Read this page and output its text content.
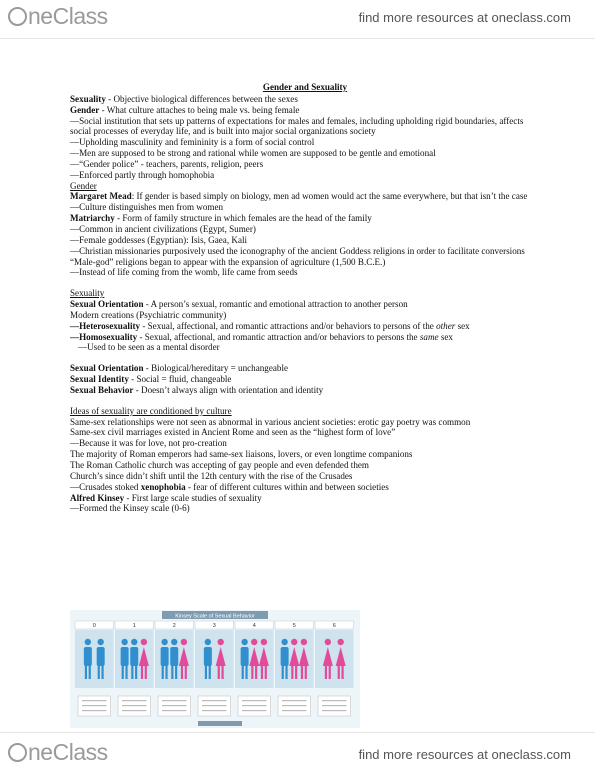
neClass	find more resources at oneclass.com

Gender and Sexuality

Sexuality - Objective biological differences between the sexes

Gender - What culture attaches to being male vs. being female

—Social institution that sets up patterns of expectations for males and females, including upholding rigid boundaries, affects social processes of everyday life, and is built into major social organizations society

—Upholding masculinity and femininity is a form of social control

—Men are supposed to be strong and rational while women are supposed to be gentle and emotional

—“Gender police” - teachers, parents, religion, peers

—Enforced partly through homophobia

Gender

Margaret Mead: If gender is based simply on biology, men ad women would act the same everywhere, but that isn’t the case

—Culture distinguishes men from women

Matriarchy - Form of family structure in which females are the head of the family

—Common in ancient civilizations (Egypt, Sumer)

—Female goddesses (Egyptian): Isis, Gaea, Kali

—Christian missionaries purposively used the iconography of the ancient Goddess religions in order to facilitate conversions

“Male-god” religions began to appear with the expansion of agriculture (1,500 B.C.E.)

—Instead of life coming from the womb, life came from seeds

Sexuality

Sexual Orientation - A person’s sexual, romantic and emotional attraction to another person

Modern creations (Psychiatric community)

—Heterosexuality - Sexual, affectional, and romantic attractions and/or behaviors to persons of the other sex

—Homosexuality - Sexual, affectional, and romantic attraction and/or behaviors to persons the same sex

—Used to be seen as a mental disorder

Sexual Orientation - Biological/hereditary = unchangeable

Sexual Identity - Social = fluid, changeable

Sexual Behavior - Doesn’t always align with orientation and identity

Ideas of sexuality are conditioned by culture

Same-sex relationships were not seen as abnormal in various ancient societies: erotic gay poetry was common

Same-sex civil marriages existed in Ancient Rome and seen as the “highest form of love”

—Because it was for love, not pro-creation

The majority of Roman emperors had same-sex liaisons, lovers, or even longtime companions

The Roman Catholic church was accepting of gay people and even defended them

Church’s since didn’t shift until the 12th century with the rise of the Crusades

—Crusades stoked xenophobia - fear of different cultures within and between societies

Alfred Kinsey - First large scale studies of sexuality

—Formed the Kinsey scale (0-6)

Kinsey Scale of Sexual Behavior
0	1	2	3	4	5	6
neClass	find more resources at oneclass.com
